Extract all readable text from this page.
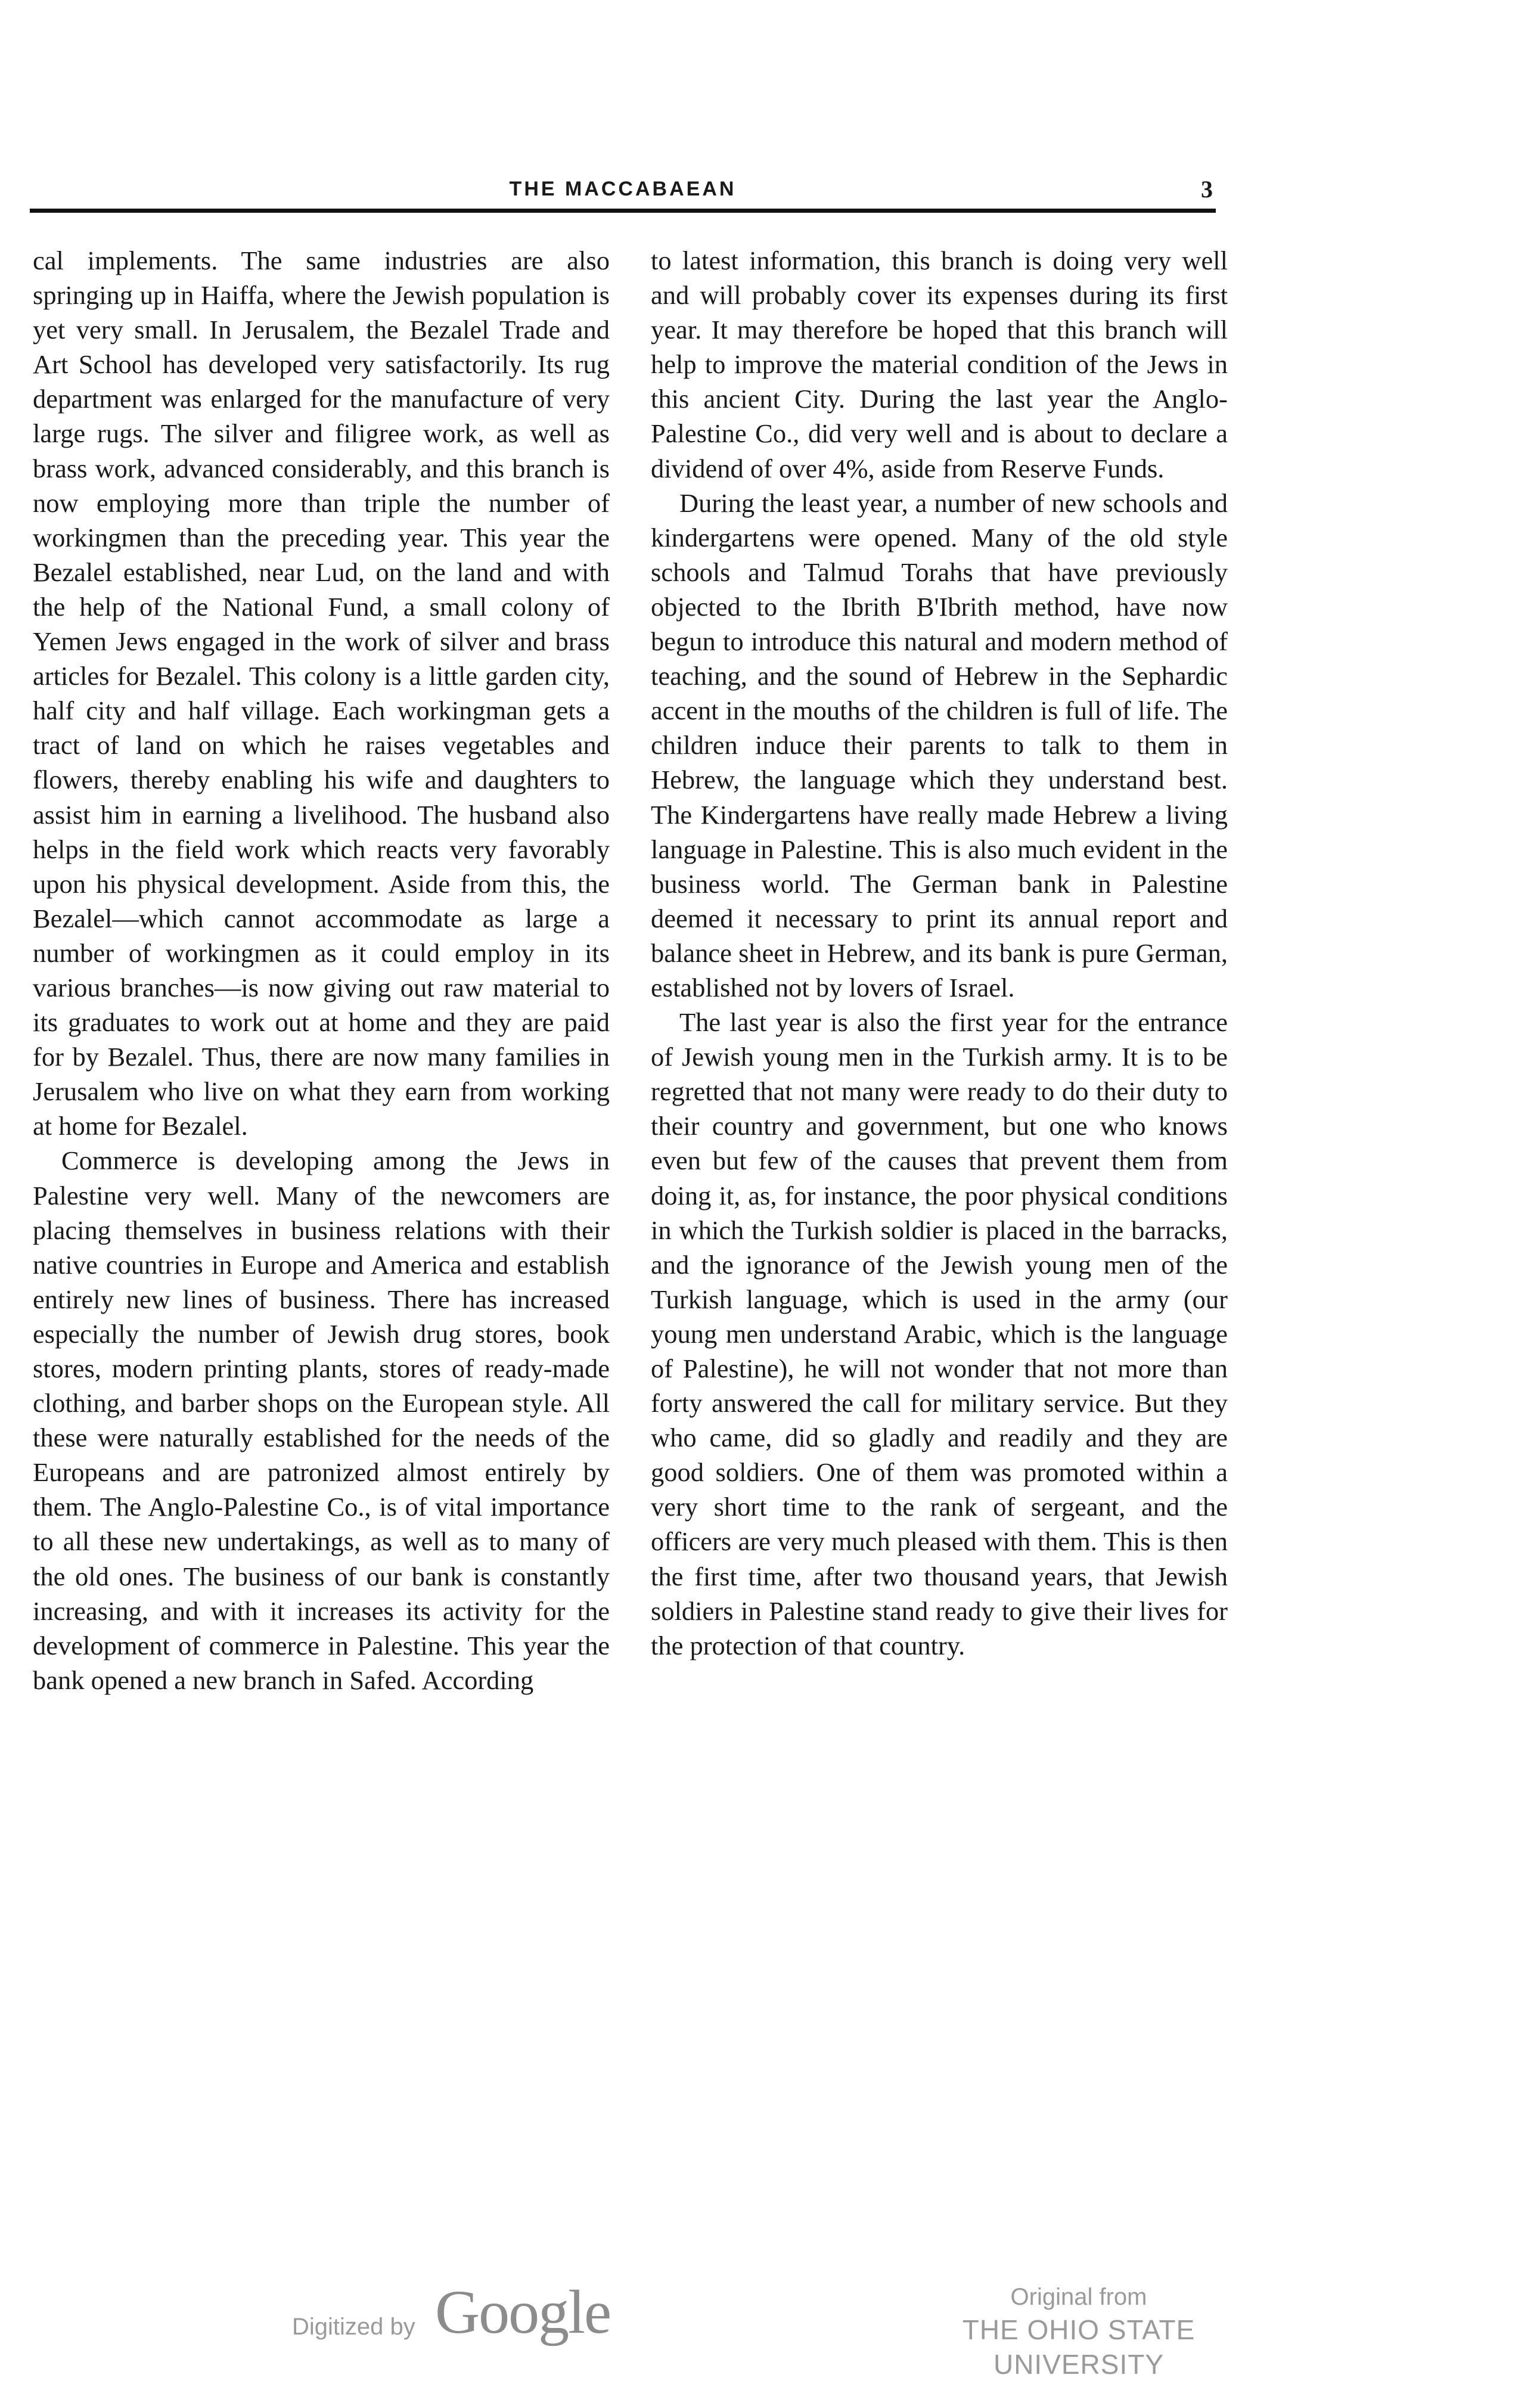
THE MACCABAEAN	3

cal implements. The same industries are also springing up in Haiffa, where the Jewish population is yet very small. In Jerusalem, the Bezalel Trade and Art School has developed very satisfactorily. Its rug department was enlarged for the manufacture of very large rugs. The silver and filigree work, as well as brass work, advanced considerably, and this branch is now employing more than triple the number of workingmen than the preceding year. This year the Bezalel established, near Lud, on the land and with the help of the National Fund, a small colony of Yemen Jews engaged in the work of silver and brass articles for Bezalel. This colony is a little garden city, half city and half village. Each workingman gets a tract of land on which he raises vegetables and flowers, thereby enabling his wife and daughters to assist him in earning a livelihood. The husband also helps in the field work which reacts very favorably upon his physical development. Aside from this, the Bezalel—which cannot accommodate as large a number of workingmen as it could employ in its various branches—is now giving out raw material to its graduates to work out at home and they are paid for by Bezalel. Thus, there are now many families in Jerusalem who live on what they earn from working at home for Bezalel.

Commerce is developing among the Jews in Palestine very well. Many of the newcomers are placing themselves in business relations with their native countries in Europe and America and establish entirely new lines of business. There has increased especially the number of Jewish drug stores, book stores, modern printing plants, stores of ready-made clothing, and barber shops on the European style. All these were naturally established for the needs of the Europeans and are patronized almost entirely by them. The Anglo-Palestine Co., is of vital importance to all these new undertakings, as well as to many of the old ones. The business of our bank is constantly increasing, and with it increases its activity for the development of commerce in Palestine. This year the bank opened a new branch in Safed. According

to latest information, this branch is doing very well and will probably cover its expenses during its first year. It may therefore be hoped that this branch will help to improve the material condition of the Jews in this ancient City. During the last year the Anglo-Palestine Co., did very well and is about to declare a dividend of over 4%, aside from Reserve Funds.

During the least year, a number of new schools and kindergartens were opened. Many of the old style schools and Talmud Torahs that have previously objected to the Ibrith B'Ibrith method, have now begun to introduce this natural and modern method of teaching, and the sound of Hebrew in the Sephardic accent in the mouths of the children is full of life. The children induce their parents to talk to them in Hebrew, the language which they understand best. The Kindergartens have really made Hebrew a living language in Palestine. This is also much evident in the business world. The German bank in Palestine deemed it necessary to print its annual report and balance sheet in Hebrew, and its bank is pure German, established not by lovers of Israel.

The last year is also the first year for the entrance of Jewish young men in the Turkish army. It is to be regretted that not many were ready to do their duty to their country and government, but one who knows even but few of the causes that prevent them from doing it, as, for instance, the poor physical conditions in which the Turkish soldier is placed in the barracks, and the ignorance of the Jewish young men of the Turkish language, which is used in the army (our young men understand Arabic, which is the language of Palestine), he will not wonder that not more than forty answered the call for military service. But they who came, did so gladly and readily and they are good soldiers. One of them was promoted within a very short time to the rank of sergeant, and the officers are very much pleased with them. This is then the first time, after two thousand years, that Jewish soldiers in Palestine stand ready to give their lives for the protection of that country.

Digitized by Google	Original from
THE OHIO STATE UNIVERSITY
